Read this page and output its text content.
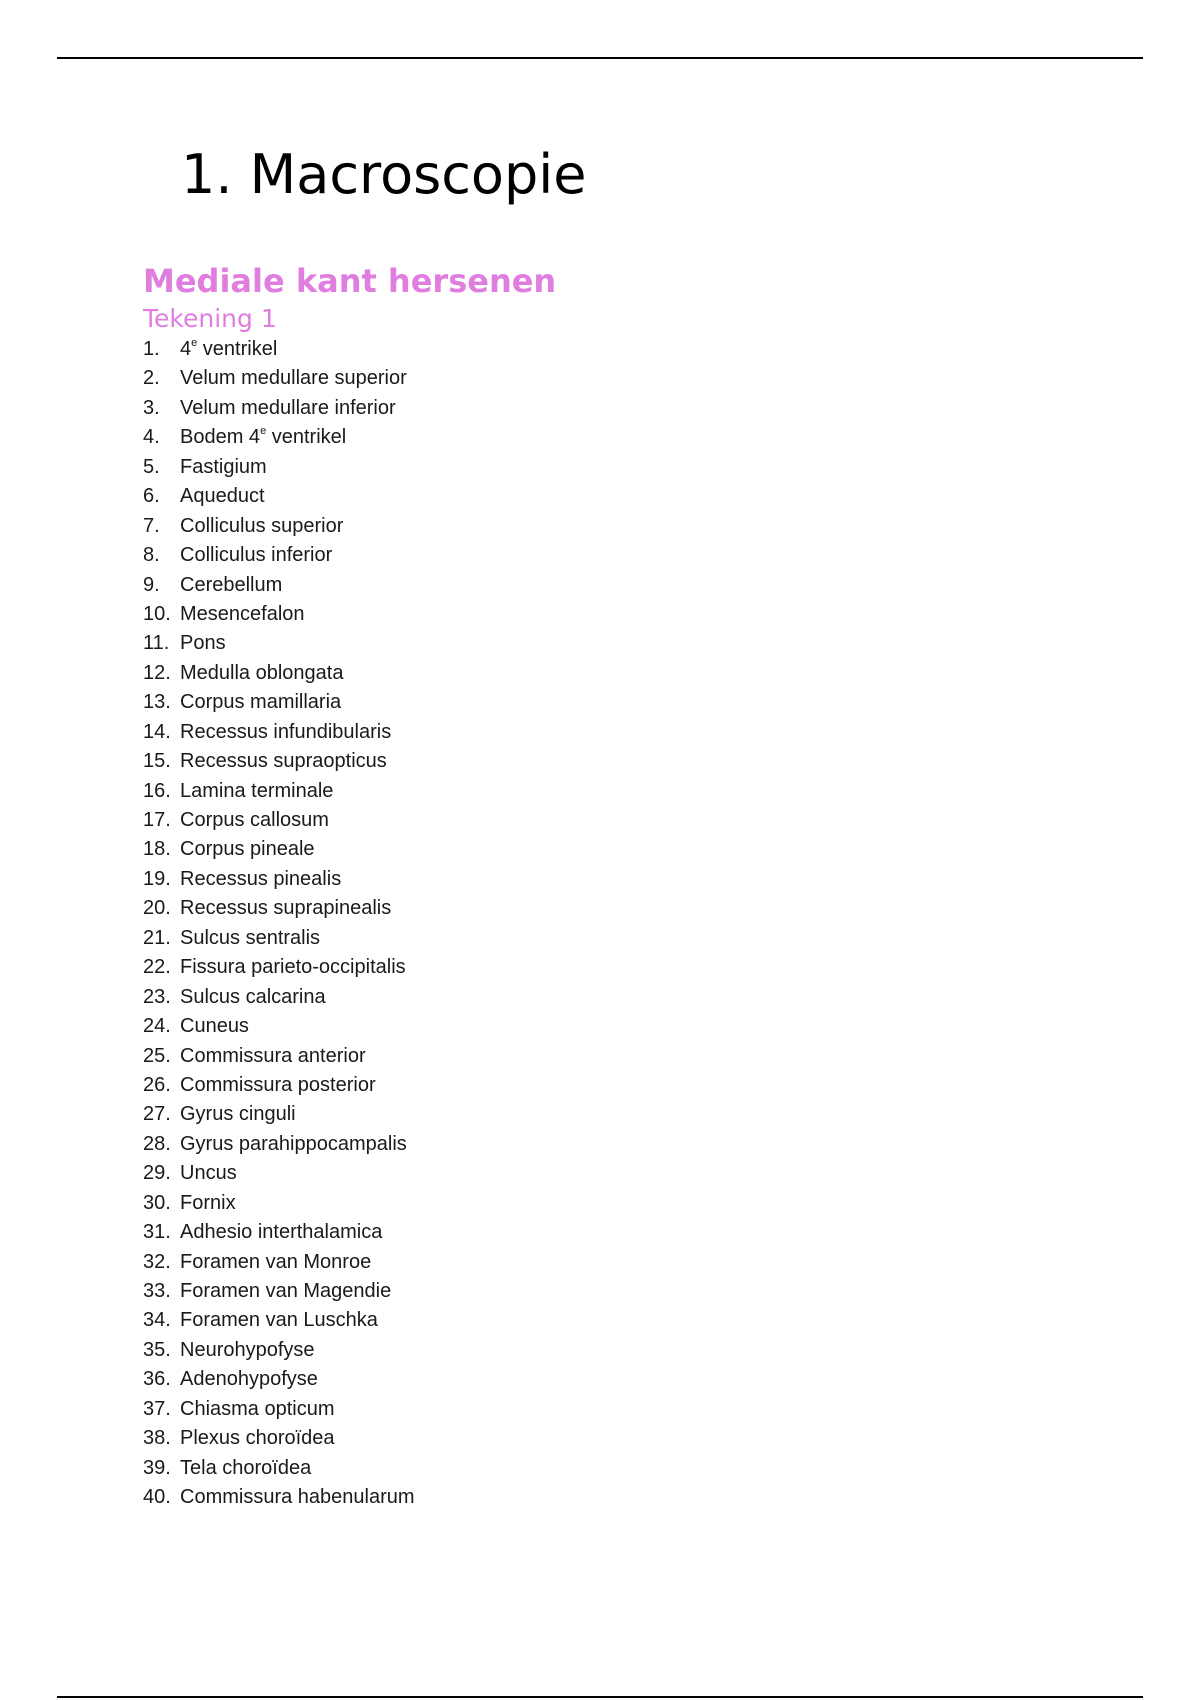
1. Macroscopie
Mediale kant hersenen
Tekening 1
1. 4e ventrikel
2. Velum medullare superior
3. Velum medullare inferior
4. Bodem 4e ventrikel
5. Fastigium
6. Aqueduct
7. Colliculus superior
8. Colliculus inferior
9. Cerebellum
10. Mesencefalon
11. Pons
12. Medulla oblongata
13. Corpus mamillaria
14. Recessus infundibularis
15. Recessus supraopticus
16. Lamina terminale
17. Corpus callosum
18. Corpus pineale
19. Recessus pinealis
20. Recessus suprapinealis
21. Sulcus sentralis
22. Fissura parieto-occipitalis
23. Sulcus calcarina
24. Cuneus
25. Commissura anterior
26. Commissura posterior
27. Gyrus cinguli
28. Gyrus parahippocampalis
29. Uncus
30. Fornix
31. Adhesio interthalamica
32. Foramen van Monroe
33. Foramen van Magendie
34. Foramen van Luschka
35. Neurohypofyse
36. Adenohypofyse
37. Chiasma opticum
38. Plexus choroïdea
39. Tela choroïdea
40. Commissura habenularum
